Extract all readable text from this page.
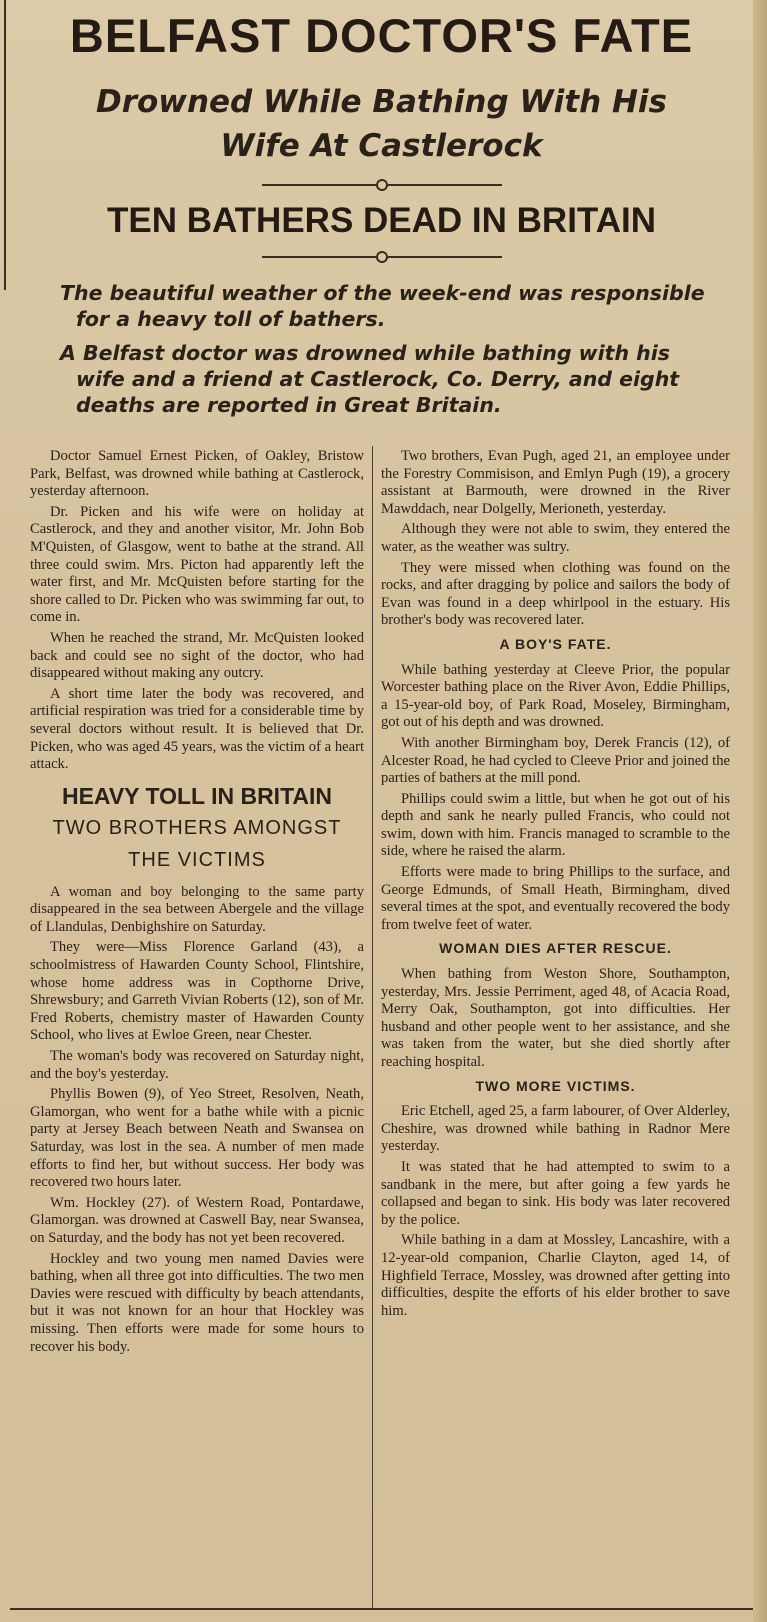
BELFAST DOCTOR'S FATE
Drowned While Bathing With His Wife At Castlerock
TEN BATHERS DEAD IN BRITAIN

The beautiful weather of the week-end was responsible for a heavy toll of bathers.

A Belfast doctor was drowned while bathing with his wife and a friend at Castlerock, Co. Derry, and eight deaths are reported in Great Britain.

Doctor Samuel Ernest Picken, of Oakley, Bristow Park, Belfast, was drowned while bathing at Castlerock, yesterday afternoon.

Dr. Picken and his wife were on holiday at Castlerock, and they and another visitor, Mr. John Bob M'Quisten, of Glasgow, went to bathe at the strand. All three could swim. Mrs. Picton had apparently left the water first, and Mr. McQuisten before starting for the shore called to Dr. Picken who was swimming far out, to come in.

When he reached the strand, Mr. McQuisten looked back and could see no sight of the doctor, who had disappeared without making any outcry.

A short time later the body was recovered, and artificial respiration was tried for a considerable time by several doctors without result. It is believed that Dr. Picken, who was aged 45 years, was the victim of a heart attack.

HEAVY TOLL IN BRITAIN
TWO BROTHERS AMONGST
THE VICTIMS

A woman and boy belonging to the same party disappeared in the sea between Abergele and the village of Llandulas, Denbighshire on Saturday.

They were—Miss Florence Garland (43), a schoolmistress of Hawarden County School, Flintshire, whose home address was in Copthorne Drive, Shrewsbury; and Garreth Vivian Roberts (12), son of Mr. Fred Roberts, chemistry master of Hawarden County School, who lives at Ewloe Green, near Chester.

The woman's body was recovered on Saturday night, and the boy's yesterday.

Phyllis Bowen (9), of Yeo Street, Resolven, Neath, Glamorgan, who went for a bathe while with a picnic party at Jersey Beach between Neath and Swansea on Saturday, was lost in the sea. A number of men made efforts to find her, but without success. Her body was recovered two hours later.

Wm. Hockley (27). of Western Road, Pontardawe, Glamorgan. was drowned at Caswell Bay, near Swansea, on Saturday, and the body has not yet been recovered.

Hockley and two young men named Davies were bathing, when all three got into difficulties. The two men Davies were rescued with difficulty by beach attendants, but it was not known for an hour that Hockley was missing. Then efforts were made for some hours to recover his body.

Two brothers, Evan Pugh, aged 21, an employee under the Forestry Commisison, and Emlyn Pugh (19), a grocery assistant at Barmouth, were drowned in the River Mawddach, near Dolgelly, Merioneth, yesterday.

Although they were not able to swim, they entered the water, as the weather was sultry.

They were missed when clothing was found on the rocks, and after dragging by police and sailors the body of Evan was found in a deep whirlpool in the estuary. His brother's body was recovered later.

A BOY'S FATE.

While bathing yesterday at Cleeve Prior, the popular Worcester bathing place on the River Avon, Eddie Phillips, a 15-year-old boy, of Park Road, Moseley, Birmingham, got out of his depth and was drowned.

With another Birmingham boy, Derek Francis (12), of Alcester Road, he had cycled to Cleeve Prior and joined the parties of bathers at the mill pond.

Phillips could swim a little, but when he got out of his depth and sank he nearly pulled Francis, who could not swim, down with him. Francis managed to scramble to the side, where he raised the alarm.

Efforts were made to bring Phillips to the surface, and George Edmunds, of Small Heath, Birmingham, dived several times at the spot, and eventually recovered the body from twelve feet of water.

WOMAN DIES AFTER RESCUE.

When bathing from Weston Shore, Southampton, yesterday, Mrs. Jessie Perriment, aged 48, of Acacia Road, Merry Oak, Southampton, got into difficulties. Her husband and other people went to her assistance, and she was taken from the water, but she died shortly after reaching hospital.

TWO MORE VICTIMS.

Eric Etchell, aged 25, a farm labourer, of Over Alderley, Cheshire, was drowned while bathing in Radnor Mere yesterday.

It was stated that he had attempted to swim to a sandbank in the mere, but after going a few yards he collapsed and began to sink. His body was later recovered by the police.

While bathing in a dam at Mossley, Lancashire, with a 12-year-old companion, Charlie Clayton, aged 14, of Highfield Terrace, Mossley, was drowned after getting into difficulties, despite the efforts of his elder brother to save him.
